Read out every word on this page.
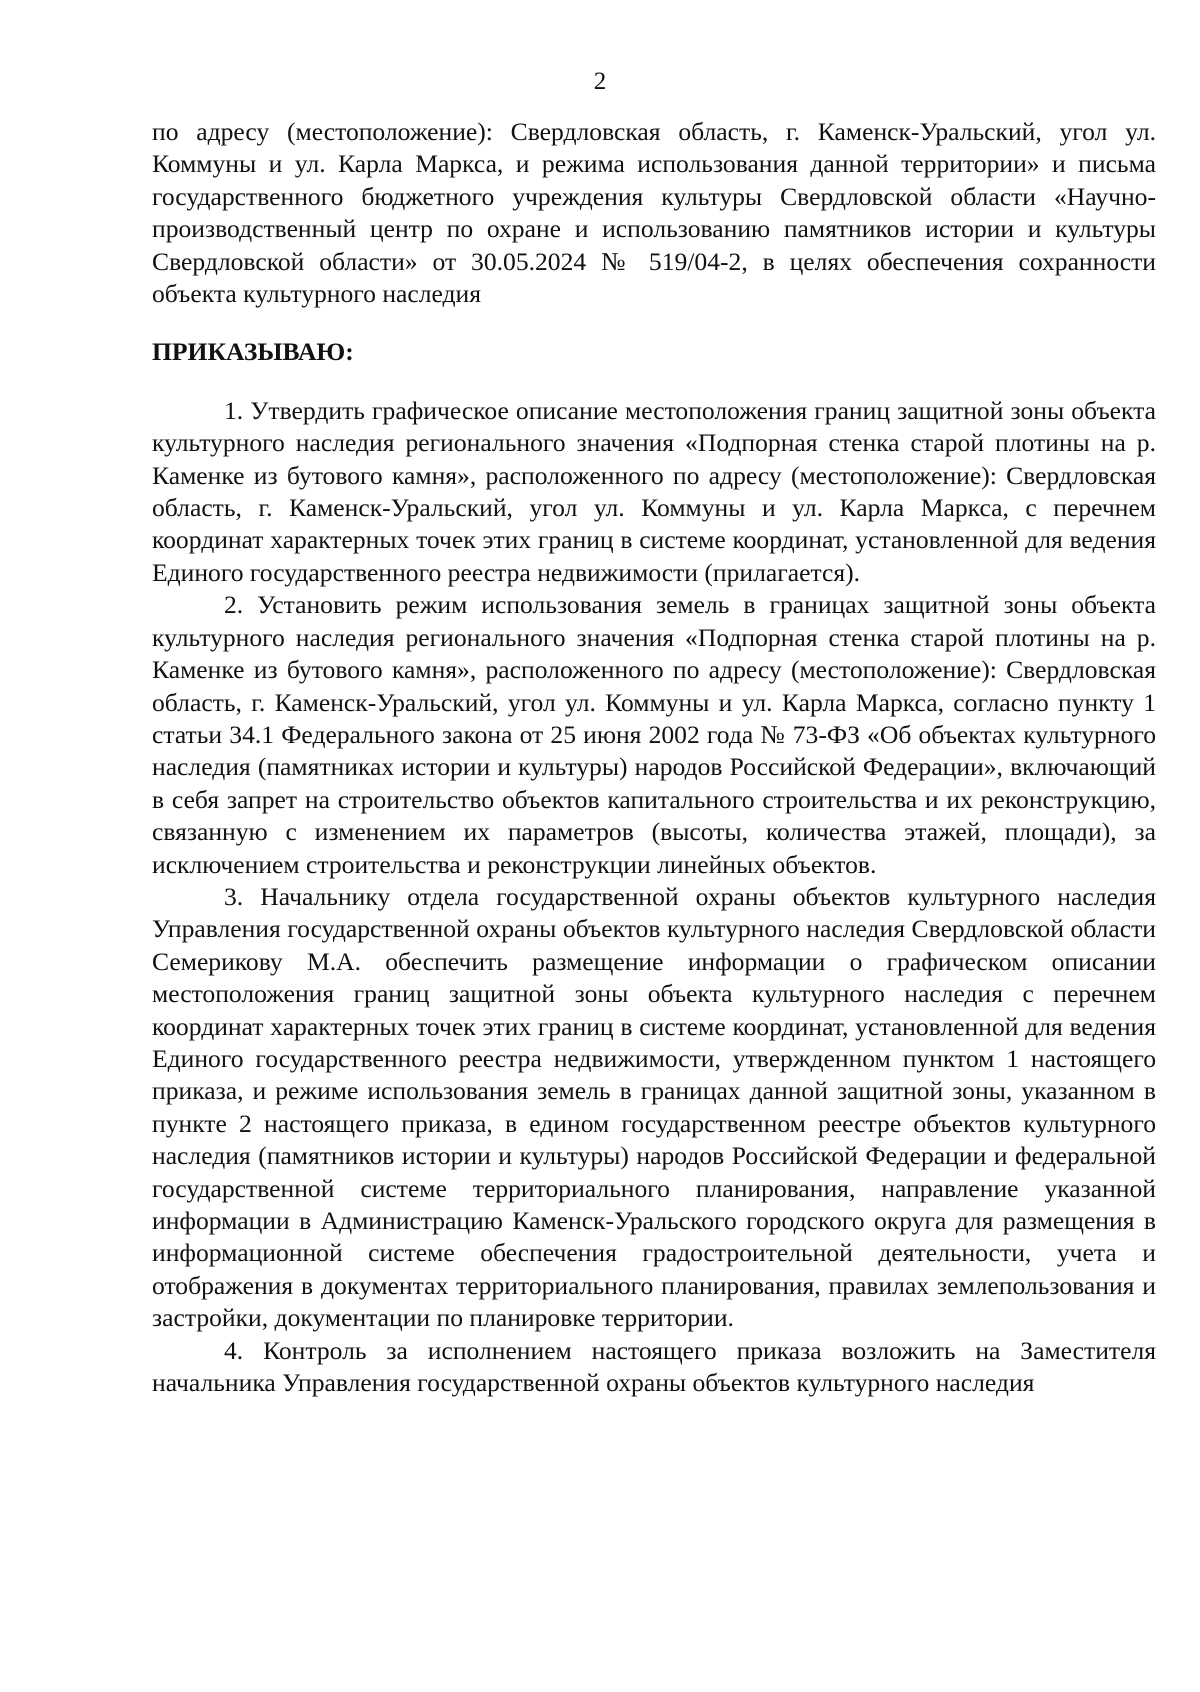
2

по адресу (местоположение): Свердловская область, г. Каменск-Уральский, угол ул. Коммуны и ул. Карла Маркса, и режима использования данной территории» и письма государственного бюджетного учреждения культуры Свердловской области «Научно-производственный центр по охране и использованию памятников истории и культуры Свердловской области» от 30.05.2024 № 519/04-2, в целях обеспечения сохранности объекта культурного наследия

ПРИКАЗЫВАЮ:

1. Утвердить графическое описание местоположения границ защитной зоны объекта культурного наследия регионального значения «Подпорная стенка старой плотины на р. Каменке из бутового камня», расположенного по адресу (местоположение): Свердловская область, г. Каменск-Уральский, угол ул. Коммуны и ул. Карла Маркса, с перечнем координат характерных точек этих границ в системе координат, установленной для ведения Единого государственного реестра недвижимости (прилагается).

2. Установить режим использования земель в границах защитной зоны объекта культурного наследия регионального значения «Подпорная стенка старой плотины на р. Каменке из бутового камня», расположенного по адресу (местоположение): Свердловская область, г. Каменск-Уральский, угол ул. Коммуны и ул. Карла Маркса, согласно пункту 1 статьи 34.1 Федерального закона от 25 июня 2002 года № 73-ФЗ «Об объектах культурного наследия (памятниках истории и культуры) народов Российской Федерации», включающий в себя запрет на строительство объектов капитального строительства и их реконструкцию, связанную с изменением их параметров (высоты, количества этажей, площади), за исключением строительства и реконструкции линейных объектов.

3. Начальнику отдела государственной охраны объектов культурного наследия Управления государственной охраны объектов культурного наследия Свердловской области Семерикову М.А. обеспечить размещение информации о графическом описании местоположения границ защитной зоны объекта культурного наследия с перечнем координат характерных точек этих границ в системе координат, установленной для ведения Единого государственного реестра недвижимости, утвержденном пунктом 1 настоящего приказа, и режиме использования земель в границах данной защитной зоны, указанном в пункте 2 настоящего приказа, в едином государственном реестре объектов культурного наследия (памятников истории и культуры) народов Российской Федерации и федеральной государственной системе территориального планирования, направление указанной информации в Администрацию Каменск-Уральского городского округа для размещения в информационной системе обеспечения градостроительной деятельности, учета и отображения в документах территориального планирования, правилах землепользования и застройки, документации по планировке территории.

4. Контроль за исполнением настоящего приказа возложить на Заместителя начальника Управления государственной охраны объектов культурного наследия
